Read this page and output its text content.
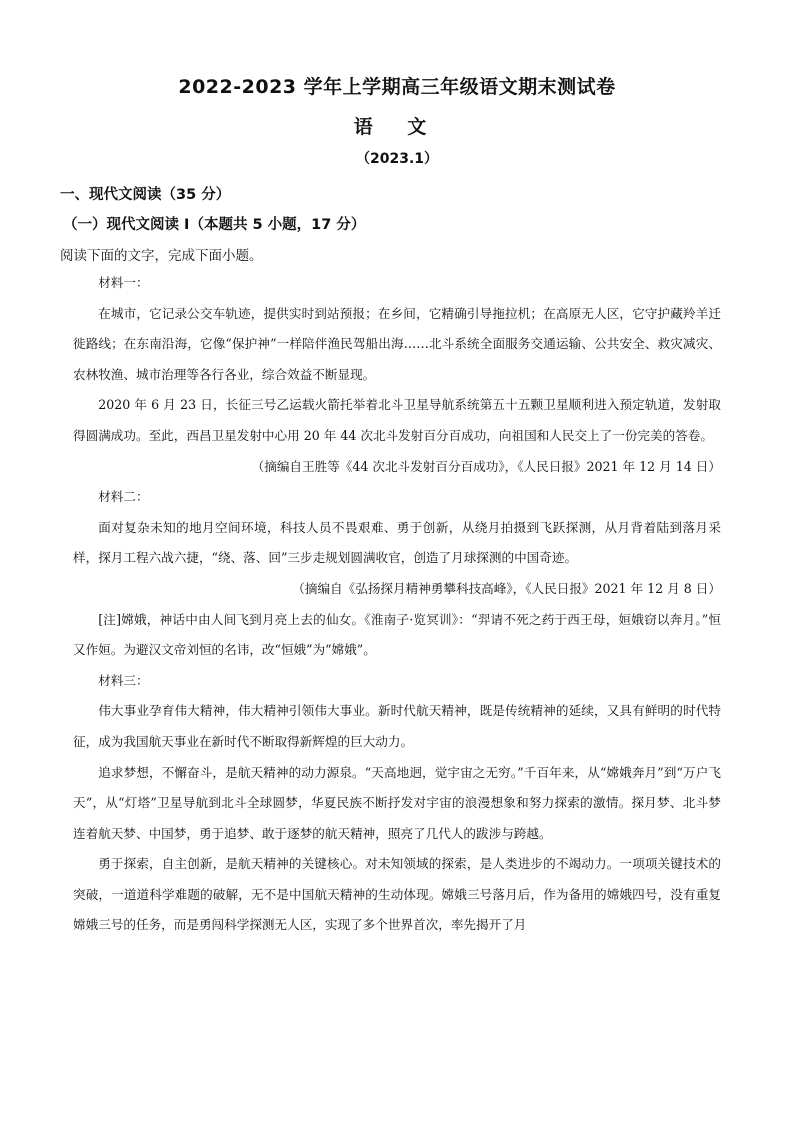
2022-2023 学年上学期高三年级语文期末测试卷
语 文
（2023.1）
一、现代文阅读（35 分）
（一）现代文阅读 I（本题共 5 小题，17 分）
阅读下面的文字，完成下面小题。

材料一：

在城市，它记录公交车轨迹，提供实时到站预报；在乡间，它精确引导拖拉机；在高原无人区，它守护藏羚羊迁徙路线；在东南沿海，它像“保护神”一样陪伴渔民驾船出海……北斗系统全面服务交通运输、公共安全、救灾减灾、农林牧渔、城市治理等各行各业，综合效益不断显现。

2020 年 6 月 23 日，长征三号乙运载火箭托举着北斗卫星导航系统第五十五颗卫星顺利进入预定轨道，发射取得圆满成功。至此，西昌卫星发射中心用 20 年 44 次北斗发射百分百成功，向祖国和人民交上了一份完美的答卷。

（摘编自王胜等《44 次北斗发射百分百成功》，《人民日报》2021 年 12 月 14 日）

材料二：

面对复杂未知的地月空间环境，科技人员不畏艰难、勇于创新，从绕月拍摄到飞跃探测，从月背着陆到落月采样，探月工程六战六捷，“绕、落、回”三步走规划圆满收官，创造了月球探测的中国奇迹。

（摘编自《弘扬探月精神勇攀科技高峰》，《人民日报》2021 年 12 月 8 日）

[注]嫦娥，神话中由人间飞到月亮上去的仙女。《淮南子·览冥训》：“羿请不死之药于西王母，姮娥窃以奔月。”恒又作姮。为避汉文帝刘恒的名讳，改“恒娥”为“嫦娥”。

材料三：

伟大事业孕育伟大精神，伟大精神引领伟大事业。新时代航天精神，既是传统精神的延续，又具有鲜明的时代特征，成为我国航天事业在新时代不断取得新辉煌的巨大动力。

追求梦想，不懈奋斗，是航天精神的动力源泉。“天高地迥，觉宇宙之无穷。”千百年来，从“嫦娥奔月”到“万户飞天”，从“灯塔”卫星导航到北斗全球圆梦，华夏民族不断抒发对宇宙的浪漫想象和努力探索的激情。探月梦、北斗梦连着航天梦、中国梦，勇于追梦、敢于逐梦的航天精神，照亮了几代人的跋涉与跨越。

勇于探索，自主创新，是航天精神的关键核心。对未知领域的探索，是人类进步的不竭动力。一项项关键技术的突破，一道道科学难题的破解，无不是中国航天精神的生动体现。嫦娥三号落月后，作为备用的嫦娥四号，没有重复嫦娥三号的任务，而是勇闯科学探测无人区，实现了多个世界首次，率先揭开了月
